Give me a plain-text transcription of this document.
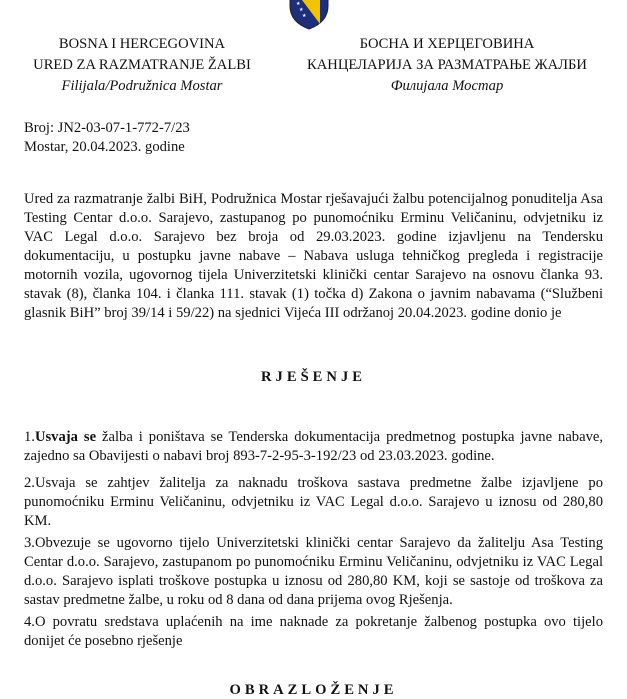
★
★
★
BOSNA I HERCEGOVINA
URED ZA RAZMATRANJE ŽALBI
Filijala/Podružnica Mostar
БОСНА И ХЕРЦЕГОВИНА
КАНЦЕЛАРИЈА ЗА РАЗМАТРАЊЕ ЖАЛБИ
Филијала Мостар
Broj: JN2-03-07-1-772-7/23
Mostar, 20.04.2023. godine

Ured za razmatranje žalbi BiH, Podružnica Mostar rješavajući žalbu potencijalnog ponuditelja Asa Testing Centar d.o.o. Sarajevo, zastupanog po punomoćniku Erminu Veličaninu, odvjetniku iz VAC Legal d.o.o. Sarajevo bez broja od 29.03.2023. godine izjavljenu na Tendersku dokumentaciju, u postupku javne nabave – Nabava usluga tehničkog pregleda i registracije motornih vozila, ugovornog tijela Univerzitetski klinički centar Sarajevo na osnovu članka 93. stavak (8), članka 104. i članka 111. stavak (1) točka d) Zakona o javnim nabavama (“Službeni glasnik BiH” broj 39/14 i 59/22) na sjednici Vijeća III održanoj 20.04.2023. godine donio je

RJEŠENJE

1.Usvaja se žalba i poništava se Tenderska dokumentacija predmetnog postupka javne nabave, zajedno sa Obavijesti o nabavi broj 893-7-2-95-3-192/23 od 23.03.2023. godine.

2.Usvaja se zahtjev žalitelja za naknadu troškova sastava predmetne žalbe izjavljene po punomoćniku Erminu Veličaninu, odvjetniku iz VAC Legal d.o.o. Sarajevo u iznosu od 280,80 KM.

3.Obvezuje se ugovorno tijelo Univerzitetski klinički centar Sarajevo da žalitelju Asa Testing Centar d.o.o. Sarajevo, zastupanom po punomoćniku Erminu Veličaninu, odvjetniku iz VAC Legal d.o.o. Sarajevo isplati troškove postupka u iznosu od 280,80 KM, koji se sastoje od troškova za sastav predmetne žalbe, u roku od 8 dana od dana prijema ovog Rješenja.

4.O povratu sredstava uplaćenih na ime naknade za pokretanje žalbenog postupka ovo tijelo donijet će posebno rješenje

OBRAZLOŽENJE
